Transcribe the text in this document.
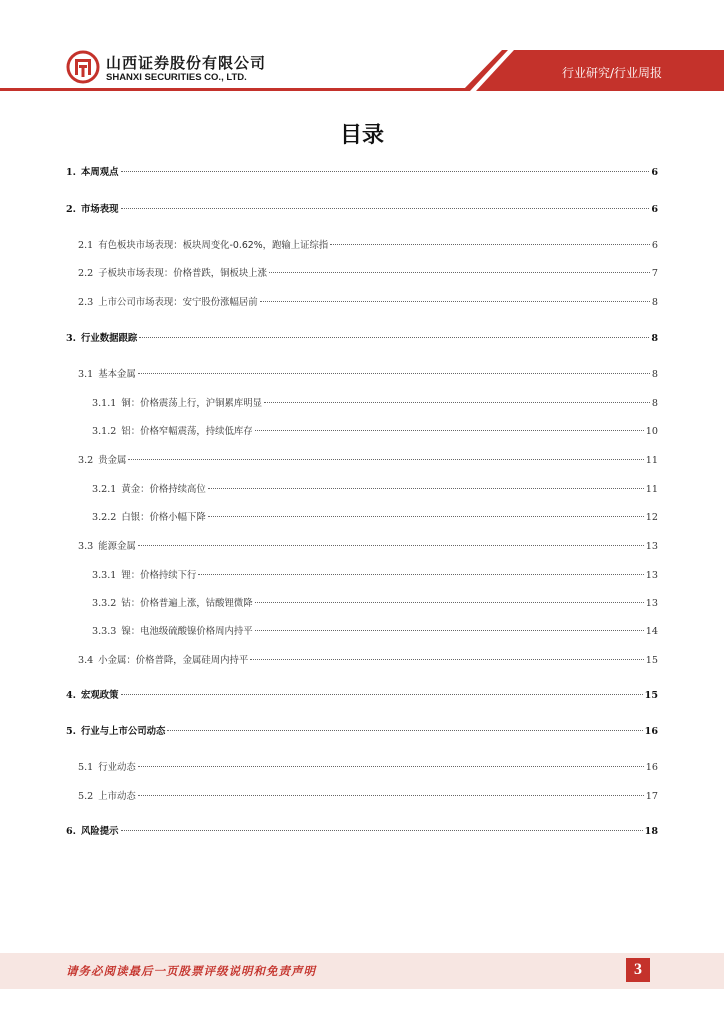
山西证券股份有限公司
SHANXI SECURITIES CO., LTD.	行业研究/行业周报
目录
1. 本周观点	6
2. 市场表现	6
2.1 有色板块市场表现：板块周变化-0.62%，跑输上证综指	6
2.2 子板块市场表现：价格普跌，铜板块上涨	7
2.3 上市公司市场表现：安宁股份涨幅居前	8
3. 行业数据跟踪	8
3.1 基本金属	8
3.1.1 铜：价格震荡上行，沪铜累库明显	8
3.1.2 铝：价格窄幅震荡，持续低库存	10
3.2 贵金属	11
3.2.1 黄金：价格持续高位	11
3.2.2 白银：价格小幅下降	12
3.3 能源金属	13
3.3.1 锂：价格持续下行	13
3.3.2 钴：价格普遍上涨，钴酸锂微降	13
3.3.3 镍：电池级硫酸镍价格周内持平	14
3.4 小金属：价格普降，金属硅周内持平	15
4. 宏观政策	15
5. 行业与上市公司动态	16
5.1 行业动态	16
5.2 上市动态	17
6. 风险提示	18
请务必阅读最后一页股票评级说明和免责声明	3
